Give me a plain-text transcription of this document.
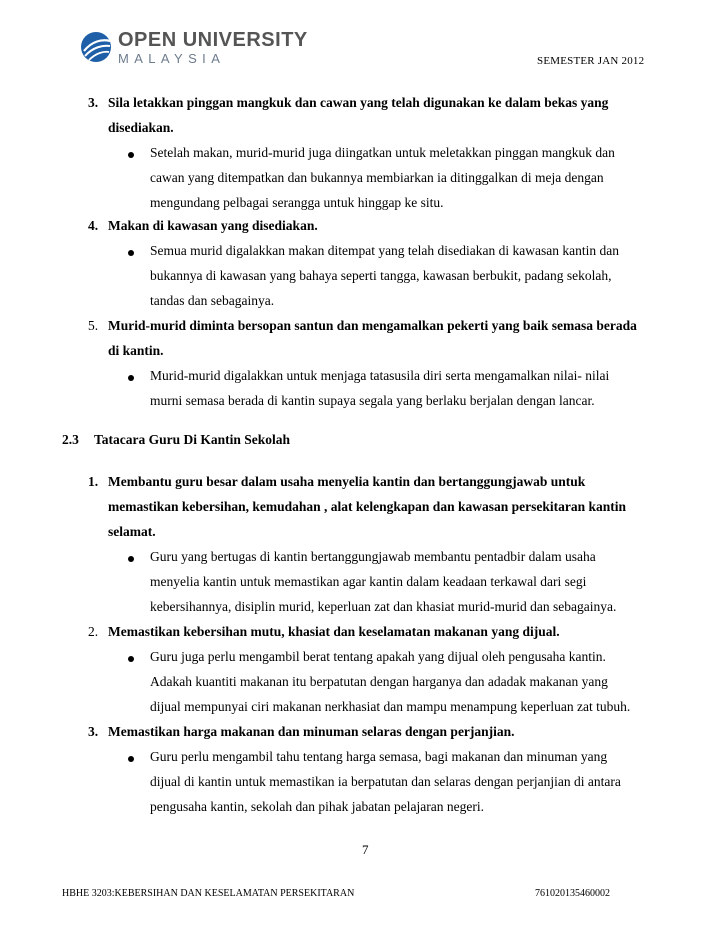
OPEN UNIVERSITY
MALAYSIA	SEMESTER JAN 2012
3. Sila letakkan pinggan mangkuk dan cawan yang telah digunakan ke dalam bekas yang
disediakan.
Setelah makan, murid-murid juga diingatkan untuk meletakkan pinggan mangkuk dan
cawan yang ditempatkan dan bukannya membiarkan ia ditinggalkan di meja dengan
mengundang pelbagai serangga untuk hinggap ke situ.
4. Makan di kawasan yang disediakan.
Semua murid digalakkan makan ditempat yang telah disediakan di kawasan kantin dan
bukannya di kawasan yang bahaya seperti tangga, kawasan berbukit, padang sekolah,
tandas dan sebagainya.
5. Murid-murid diminta bersopan santun dan mengamalkan pekerti yang baik semasa berada
di kantin.
Murid-murid digalakkan untuk menjaga tatasusila diri serta mengamalkan nilai- nilai
murni semasa berada di kantin supaya segala yang berlaku berjalan dengan lancar.
2.3 Tatacara Guru Di Kantin Sekolah
1. Membantu guru besar dalam usaha menyelia kantin dan bertanggungjawab untuk
memastikan kebersihan, kemudahan , alat kelengkapan dan kawasan persekitaran kantin
selamat.
Guru yang bertugas di kantin bertanggungjawab membantu pentadbir dalam usaha
menyelia kantin untuk memastikan agar kantin dalam keadaan terkawal dari segi
kebersihannya, disiplin murid, keperluan zat dan khasiat murid-murid dan sebagainya.
2. Memastikan kebersihan mutu, khasiat dan keselamatan makanan yang dijual.
Guru juga perlu mengambil berat tentang apakah yang dijual oleh pengusaha kantin.
Adakah kuantiti makanan itu berpatutan dengan harganya dan adadak makanan yang
dijual mempunyai ciri makanan nerkhasiat dan mampu menampung keperluan zat tubuh.
3. Memastikan harga makanan dan minuman selaras dengan perjanjian.
Guru perlu mengambil tahu tentang harga semasa, bagi makanan dan minuman yang
dijual di kantin untuk memastikan ia berpatutan dan selaras dengan perjanjian di antara
pengusaha kantin, sekolah dan pihak jabatan pelajaran negeri.
7
HBHE 3203:KEBERSIHAN DAN KESELAMATAN PERSEKITARAN	761020135460002
